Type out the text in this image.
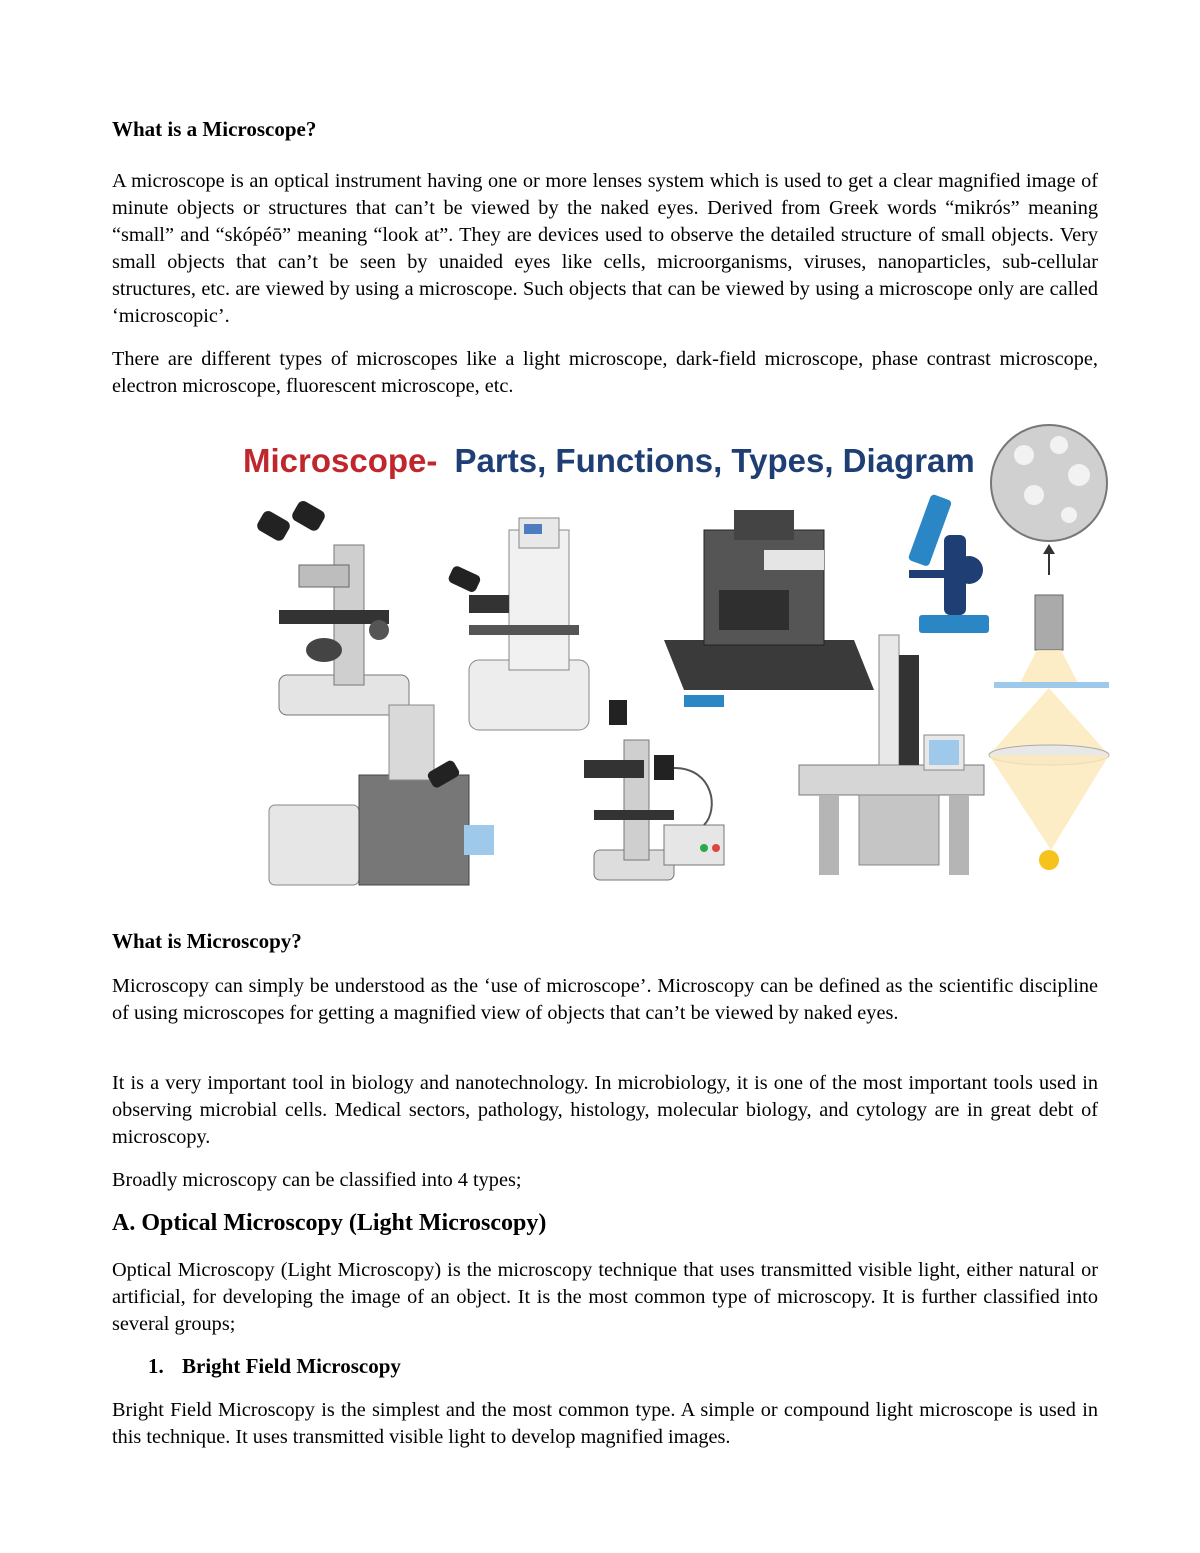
What is a Microscope?

A microscope is an optical instrument having one or more lenses system which is used to get a clear magnified image of minute objects or structures that can’t be viewed by the naked eyes. Derived from Greek words “mikrós” meaning “small” and “skópéō” meaning “look at”. They are devices used to observe the detailed structure of small objects. Very small objects that can’t be seen by unaided eyes like cells, microorganisms, viruses, nanoparticles, sub-cellular structures, etc. are viewed by using a microscope. Such objects that can be viewed by using a microscope only are called ‘microscopic’.

There are different types of microscopes like a light microscope, dark-field microscope, phase contrast microscope, electron microscope, fluorescent microscope, etc.

Microscope- Parts, Functions, Types, Diagram
What is Microscopy?

Microscopy can simply be understood as the ‘use of microscope’. Microscopy can be defined as the scientific discipline of using microscopes for getting a magnified view of objects that can’t be viewed by naked eyes.

It is a very important tool in biology and nanotechnology. In microbiology, it is one of the most important tools used in observing microbial cells. Medical sectors, pathology, histology, molecular biology, and cytology are in great debt of microscopy.

Broadly microscopy can be classified into 4 types;

A. Optical Microscopy (Light Microscopy)

Optical Microscopy (Light Microscopy) is the microscopy technique that uses transmitted visible light, either natural or artificial, for developing the image of an object. It is the most common type of microscopy. It is further classified into several groups;

1. Bright Field Microscopy

Bright Field Microscopy is the simplest and the most common type. A simple or compound light microscope is used in this technique. It uses transmitted visible light to develop magnified images.
